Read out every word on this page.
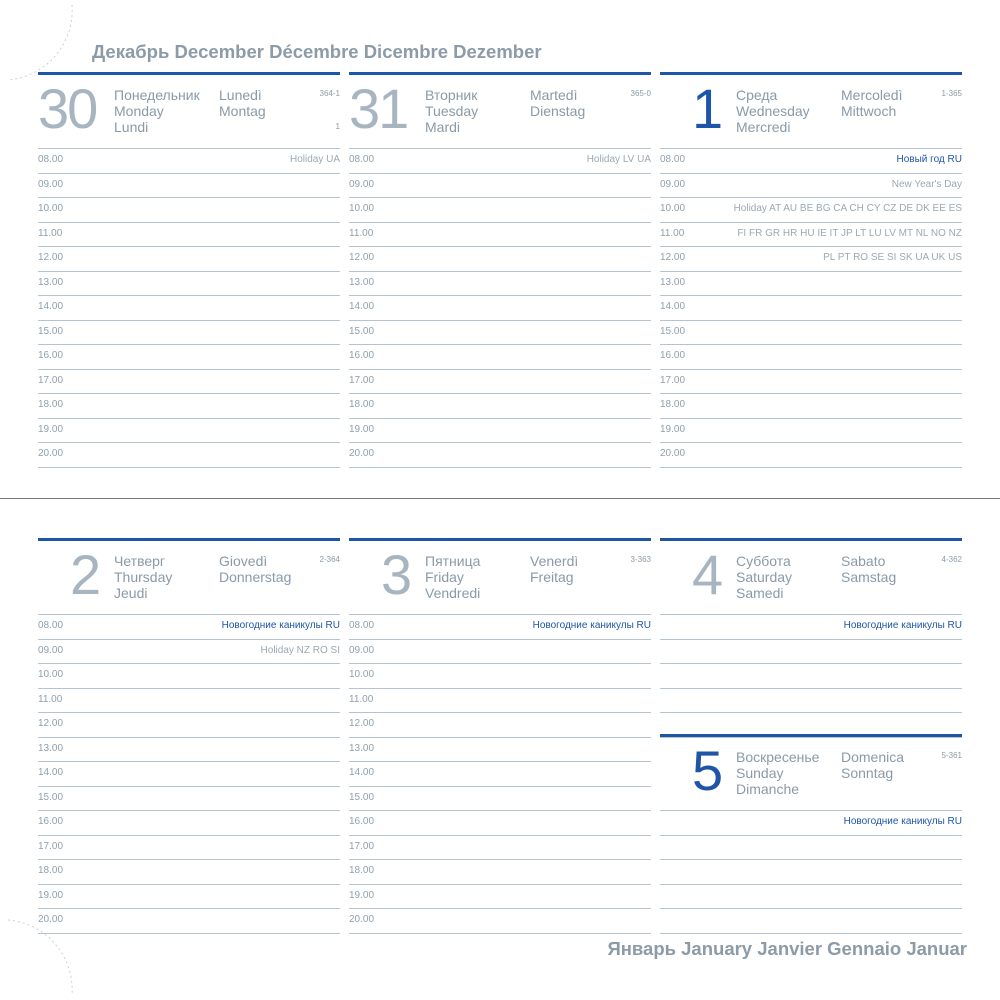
Декабрь December Décembre Dicembre Dezember
Январь January Janvier Gennaio Januar
30 Понедельник
Monday
Lundi
Lunedì
Montag
364-1
1
08.00
09.00
10.00
11.00
12.00
13.00
14.00
15.00
16.00
17.00
18.00
19.00
20.00
Holiday UA
31 Вторник
Tuesday
Mardi
Martedì
Dienstag
365-0
08.00
09.00
10.00
11.00
12.00
13.00
14.00
15.00
16.00
17.00
18.00
19.00
20.00
Holiday LV UA
1 Среда
Wednesday
Mercredi
Mercoledì
Mittwoch
1-365
08.00
09.00
10.00
11.00
12.00
13.00
14.00
15.00
16.00
17.00
18.00
19.00
20.00
Новый год RU
New Year's Day
Holiday AT AU BE BG CA CH CY CZ DE DK EE ES
FI FR GR HR HU IE IT JP LT LU LV MT NL NO NZ
PL PT RO SE SI SK UA UK US
2 Четверг
Thursday
Jeudi
Giovedì
Donnerstag
2-364
08.00
09.00
10.00
11.00
12.00
13.00
14.00
15.00
16.00
17.00
18.00
19.00
20.00
Новогодние каникулы RU
Holiday NZ RO SI
3 Пятница
Friday
Vendredi
Venerdì
Freitag
3-363
08.00
09.00
10.00
11.00
12.00
13.00
14.00
15.00
16.00
17.00
18.00
19.00
20.00
Новогодние каникулы RU
4 Суббота
Saturday
Samedi
Sabato
Samstag
4-362
Новогодние каникулы RU
5 Воскресенье
Sunday
Dimanche
Domenica
Sonntag
5-361
Новогодние каникулы RU
